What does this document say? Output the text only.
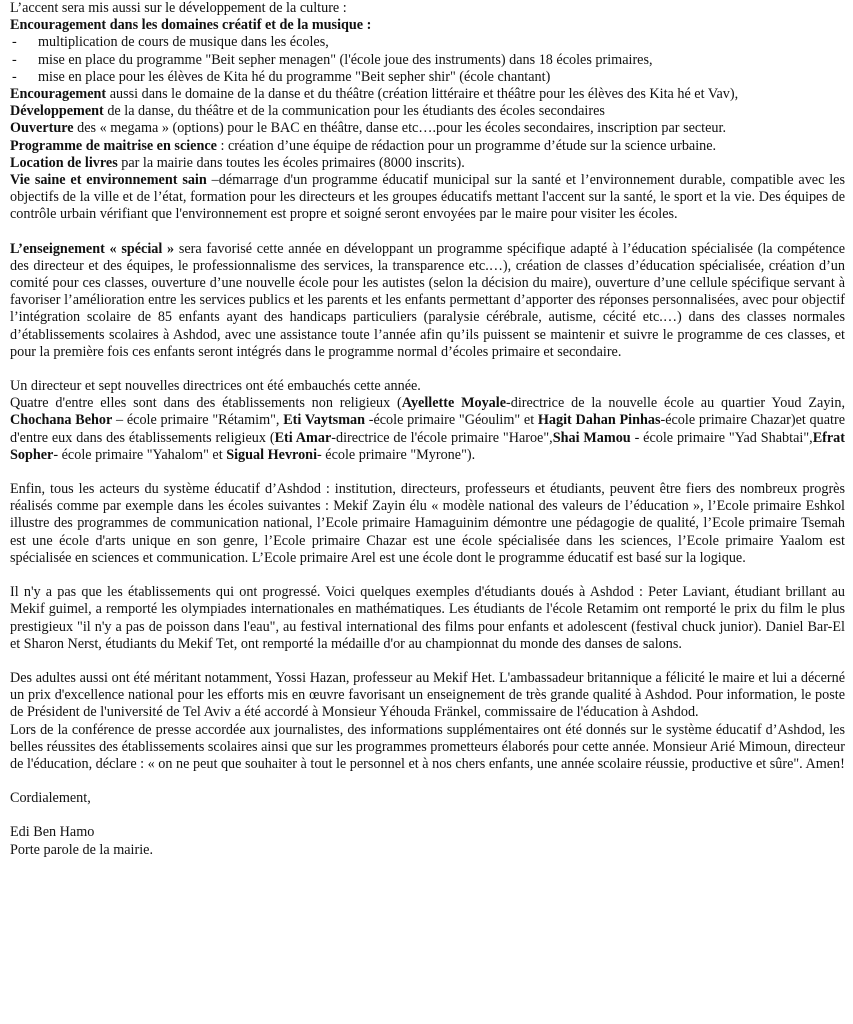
L’accent sera mis aussi sur le développement de la culture :

Encouragement dans les domaines créatif et de la musique :

- multiplication de cours de musique dans les écoles,
- mise en place du programme "Beit sepher menagen" (l'école joue des instruments) dans 18 écoles primaires,
- mise en place pour les élèves de Kita hé du programme "Beit sepher shir" (école chantant)

Encouragement aussi dans le domaine de la danse et du théâtre (création littéraire et théâtre pour les élèves des Kita hé et Vav),

Développement de la danse, du théâtre et de la communication pour les étudiants des écoles secondaires

Ouverture des « megama » (options) pour le BAC en théâtre, danse etc….pour les écoles secondaires, inscription par secteur.

Programme de maitrise en science : création d’une équipe de rédaction pour un programme d’étude sur la science urbaine.

Location de livres par la mairie dans toutes les écoles primaires (8000 inscrits).

Vie saine et environnement sain –démarrage d'un programme éducatif municipal sur la santé et l’environnement durable, compatible avec les objectifs de la ville et de l’état, formation pour les directeurs et les groupes éducatifs mettant l'accent sur la santé, le sport et la vie. Des équipes de contrôle urbain vérifiant que l'environnement est propre et soigné seront envoyées par le maire pour visiter les écoles.

L’enseignement « spécial » sera favorisé cette année en développant un programme spécifique adapté à l’éducation spécialisée (la compétence des directeur et des équipes, le professionnalisme des services, la transparence etc.…), création de classes d’éducation spécialisée, création d’un comité pour ces classes, ouverture d’une nouvelle école pour les autistes (selon la décision du maire), ouverture d’une cellule spécifique servant à favoriser l’amélioration entre les services publics et les parents et les enfants permettant d’apporter des réponses personnalisées, avec pour objectif l’intégration scolaire de 85 enfants ayant des handicaps particuliers (paralysie cérébrale, autisme, cécité etc.…) dans des classes normales d’établissements scolaires à Ashdod, avec une assistance toute l’année afin qu’ils puissent se maintenir et suivre le programme de ces classes, et pour la première fois ces enfants seront intégrés dans le programme normal d’écoles primaire et secondaire.

Un directeur et sept nouvelles directrices ont été embauchés cette année.

Quatre d'entre elles sont dans des établissements non religieux (Ayellette Moyale-directrice de la nouvelle école au quartier Youd Zayin, Chochana Behor – école primaire "Rétamim", Eti Vaytsman -école primaire "Géoulim" et Hagit Dahan Pinhas-école primaire Chazar)et quatre d'entre eux dans des établissements religieux (Eti Amar-directrice de l'école primaire "Haroe",Shai Mamou - école primaire "Yad Shabtai",Efrat Sopher- école primaire "Yahalom" et Sigual Hevroni- école primaire "Myrone").

Enfin, tous les acteurs du système éducatif d’Ashdod : institution, directeurs, professeurs et étudiants, peuvent être fiers des nombreux progrès réalisés comme par exemple dans les écoles suivantes : Mekif Zayin élu « modèle national des valeurs de l’éducation », l’Ecole primaire Eshkol illustre des programmes de communication national, l’Ecole primaire Hamaguinim démontre une pédagogie de qualité, l’Ecole primaire Tsemah est une école d'arts unique en son genre, l’Ecole primaire Chazar est une école spécialisée dans les sciences, l’Ecole primaire Yaalom est spécialisée en sciences et communication. L’Ecole primaire Arel est une école dont le programme éducatif est basé sur la logique.

Il n'y a pas que les établissements qui ont progressé. Voici quelques exemples d'étudiants doués à Ashdod : Peter Laviant, étudiant brillant au Mekif guimel, a remporté les olympiades internationales en mathématiques. Les étudiants de l'école Retamim ont remporté le prix du film le plus prestigieux "il n'y a pas de poisson dans l'eau", au festival international des films pour enfants et adolescent (festival chuck junior). Daniel Bar-El et Sharon Nerst, étudiants du Mekif Tet, ont remporté la médaille d'or au championnat du monde des danses de salons.

Des adultes aussi ont été méritant notamment, Yossi Hazan, professeur au Mekif Het. L'ambassadeur britannique a félicité le maire et lui a décerné un prix d'excellence national pour les efforts mis en œuvre favorisant un enseignement de très grande qualité à Ashdod. Pour information, le poste de Président de l'université de Tel Aviv a été accordé à Monsieur Yéhouda Fränkel, commissaire de l'éducation à Ashdod.

Lors de la conférence de presse accordée aux journalistes, des informations supplémentaires ont été donnés sur le système éducatif d’Ashdod, les belles réussites des établissements scolaires ainsi que sur les programmes prometteurs élaborés pour cette année. Monsieur Arié Mimoun, directeur de l'éducation, déclare : « on ne peut que souhaiter à tout le personnel et à nos chers enfants, une année scolaire réussie, productive et sûre". Amen!

Cordialement,

Edi Ben Hamo

Porte parole de la mairie.
